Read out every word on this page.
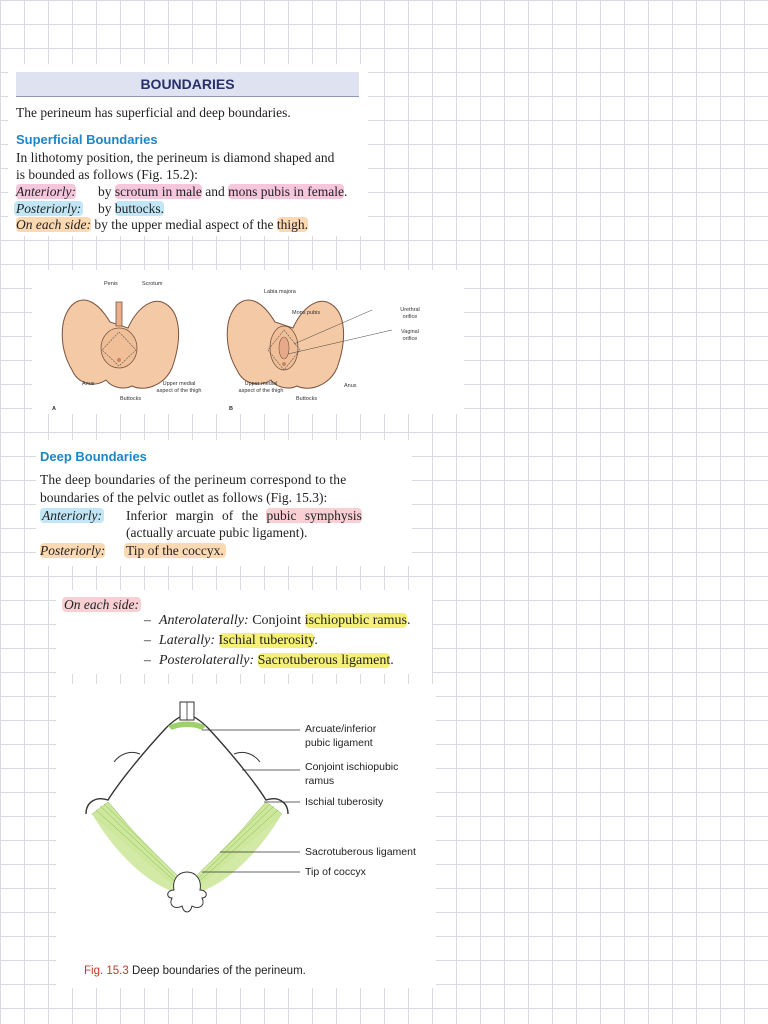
BOUNDARIES
The perineum has superficial and deep boundaries.
Superficial Boundaries
In lithotomy position, the perineum is diamond shaped and
is bounded as follows (Fig. 15.2):
Anteriorly: by scrotum in male and mons pubis in female.
Posteriorly: by buttocks.
On each side: by the upper medial aspect of the thigh.
Penis	Scrotum
Anus	Upper medial aspect of the thigh
Buttocks
A
Labia majora
Mons pubis	Urethral orifice
Vaginal orifice
Upper medial aspect of the thigh
Buttocks
Anus
B
Deep Boundaries
The deep boundaries of the perineum correspond to the
boundaries of the pelvic outlet as follows (Fig. 15.3):
Anteriorly: Inferior margin of the pubic symphysis
(actually arcuate pubic ligament).
Posteriorly: Tip of the coccyx.
On each side:
– Anterolaterally: Conjoint ischiopubic ramus.
– Laterally: Ischial tuberosity.
– Posterolaterally: Sacrotuberous ligament.
Arcuate/inferior
pubic ligament
Conjoint ischiopubic
ramus
Ischial tuberosity
Sacrotuberous ligament
Tip of coccyx
Fig. 15.3 Deep boundaries of the perineum.
